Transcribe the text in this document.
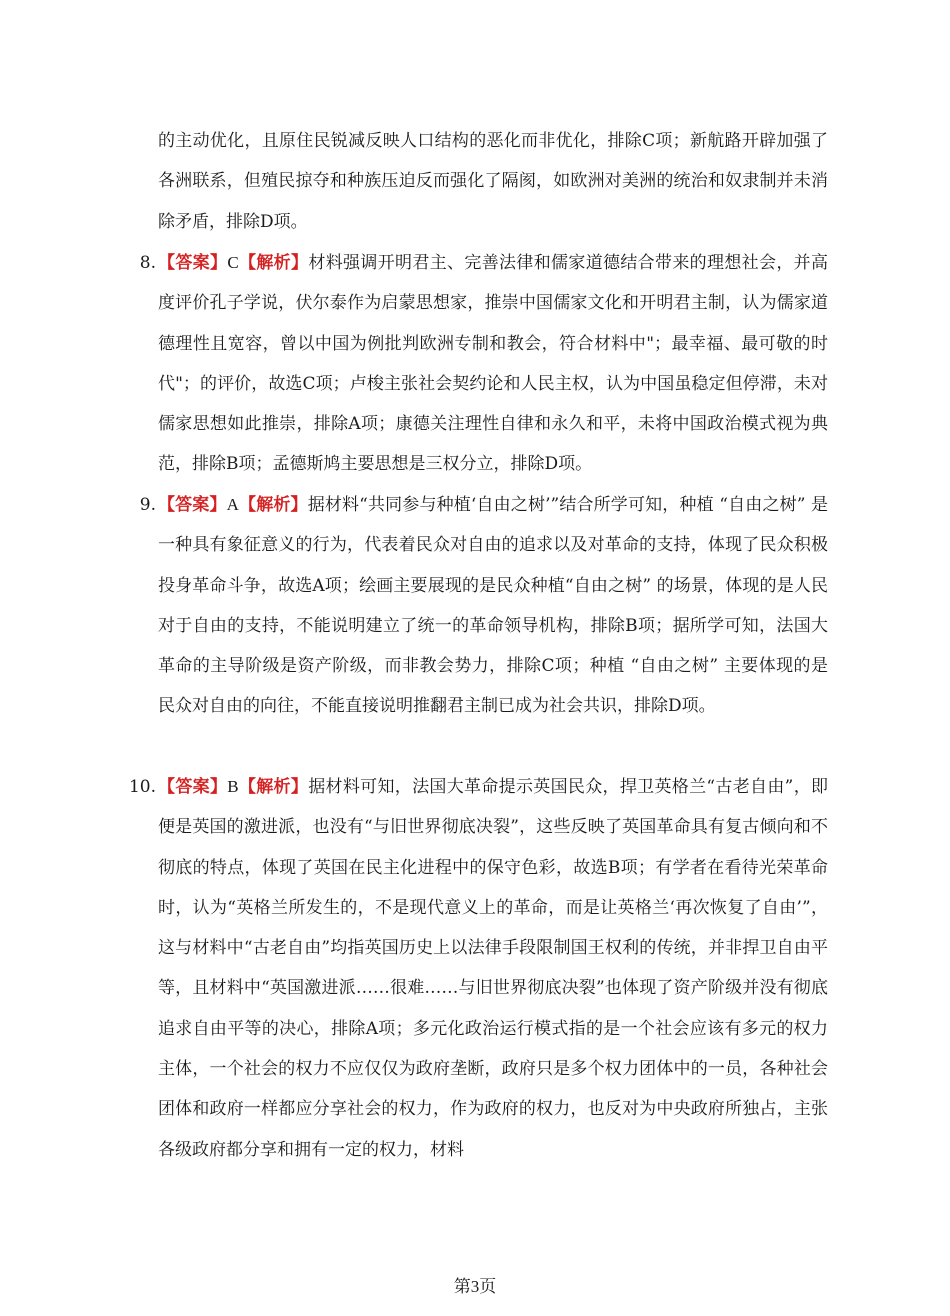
的主动优化，且原住民锐减反映人口结构的恶化而非优化，排除C项；新航路开辟加强了各洲联系，但殖民掠夺和种族压迫反而强化了隔阂，如欧洲对美洲的统治和奴隶制并未消除矛盾，排除D项。

8. 【答案】C【解析】材料强调开明君主、完善法律和儒家道德结合带来的理想社会，并高度评价孔子学说，伏尔泰作为启蒙思想家，推崇中国儒家文化和开明君主制，认为儒家道德理性且宽容，曾以中国为例批判欧洲专制和教会，符合材料中"；最幸福、最可敬的时代"；的评价，故选C项；卢梭主张社会契约论和人民主权，认为中国虽稳定但停滞，未对儒家思想如此推崇，排除A项；康德关注理性自律和永久和平，未将中国政治模式视为典范，排除B项；孟德斯鸠主要思想是三权分立，排除D项。
9. 【答案】A【解析】据材料“共同参与种植‘自由之树’”结合所学可知，种植 “自由之树” 是一种具有象征意义的行为，代表着民众对自由的追求以及对革命的支持，体现了民众积极投身革命斗争，故选A项；绘画主要展现的是民众种植“自由之树” 的场景，体现的是人民对于自由的支持，不能说明建立了统一的革命领导机构，排除B项；据所学可知，法国大革命的主导阶级是资产阶级，而非教会势力，排除C项；种植 “自由之树” 主要体现的是民众对自由的向往，不能直接说明推翻君主制已成为社会共识，排除D项。
10. 【答案】B【解析】据材料可知，法国大革命提示英国民众，捍卫英格兰“古老自由”，即便是英国的激进派，也没有“与旧世界彻底决裂”，这些反映了英国革命具有复古倾向和不彻底的特点，体现了英国在民主化进程中的保守色彩，故选B项；有学者在看待光荣革命时，认为“英格兰所发生的，不是现代意义上的革命，而是让英格兰‘再次恢复了自由’”，这与材料中“古老自由”均指英国历史上以法律手段限制国王权利的传统，并非捍卫自由平等，且材料中“英国激进派……很难……与旧世界彻底决裂”也体现了资产阶级并没有彻底追求自由平等的决心，排除A项；多元化政治运行模式指的是一个社会应该有多元的权力主体，一个社会的权力不应仅仅为政府垄断，政府只是多个权力团体中的一员，各种社会团体和政府一样都应分享社会的权力，作为政府的权力，也反对为中央政府所独占，主张各级政府都分享和拥有一定的权力，材料
第3页
